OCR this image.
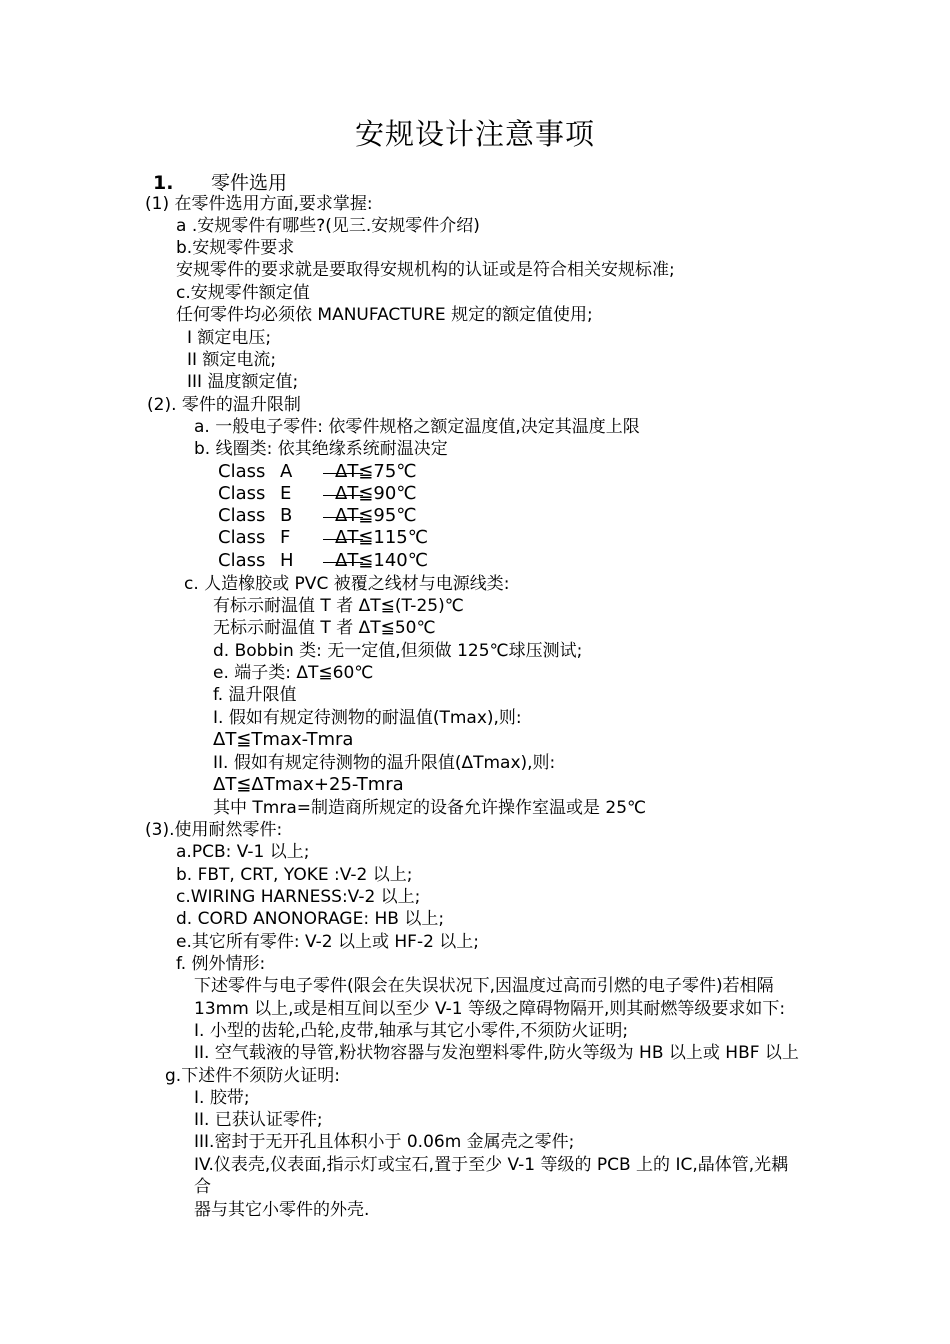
安规设计注意事项
1. 零件选用
(1) 在零件选用方面,要求掌握:
a .安规零件有哪些?(见三.安规零件介绍)
b.安规零件要求
安规零件的要求就是要取得安规机构的认证或是符合相关安规标准;
c.安规零件额定值
任何零件均必须依 MANUFACTURE 规定的额定值使用;
I 额定电压;
II 额定电流;
III 温度额定值;
(2). 零件的温升限制
a. 一般电子零件: 依零件规格之额定温度值,决定其温度上限
b. 线圈类: 依其绝缘系统耐温决定
Class A ΔT≦75℃
Class E ΔT≦90℃
Class B ΔT≦95℃
Class F ΔT≦115℃
Class H ΔT≦140℃
c. 人造橡胶或 PVC 被覆之线材与电源线类:
有标示耐温值 T 者 ΔT≦(T-25)℃
无标示耐温值 T 者 ΔT≦50℃
d. Bobbin 类: 无一定值,但须做 125℃球压测试;
e. 端子类: ΔT≦60℃
f. 温升限值
I. 假如有规定待测物的耐温值(Tmax),则:
ΔT≦Tmax-Tmra
II. 假如有规定待测物的温升限值(ΔTmax),则:
ΔT≦ΔTmax+25-Tmra
其中 Tmra=制造商所规定的设备允许操作室温或是 25℃
(3).使用耐然零件:
a.PCB: V-1 以上;
b. FBT, CRT, YOKE :V-2 以上;
c.WIRING HARNESS:V-2 以上;
d. CORD ANONORAGE: HB 以上;
e.其它所有零件: V-2 以上或 HF-2 以上;
f. 例外情形:
下述零件与电子零件(限会在失误状况下,因温度过高而引燃的电子零件)若相隔
13mm 以上,或是相互间以至少 V-1 等级之障碍物隔开,则其耐燃等级要求如下:
I. 小型的齿轮,凸轮,皮带,轴承与其它小零件,不须防火证明;
II. 空气载液的导管,粉状物容器与发泡塑料零件,防火等级为 HB 以上或 HBF 以上
g.下述件不须防火证明:
I. 胶带;
II. 已获认证零件;
III.密封于无开孔且体积小于 0.06m 金属壳之零件;
IV.仪表壳,仪表面,指示灯或宝石,置于至少 V-1 等级的 PCB 上的 IC,晶体管,光耦
合
器与其它小零件的外壳.
